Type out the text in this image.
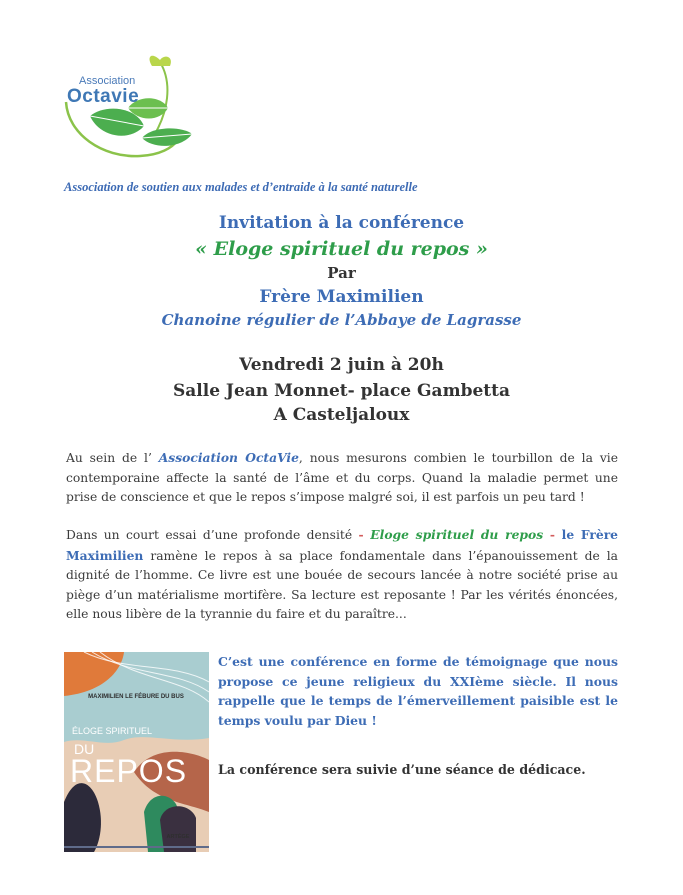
Association
Octavie
Association de soutien aux malades et d’entraide à la santé naturelle
Invitation à la conférence
« Eloge spirituel du repos »
Par
Frère Maximilien
Chanoine régulier de l’Abbaye de Lagrasse
Vendredi 2 juin à 20h
Salle Jean Monnet- place Gambetta
A Casteljaloux
Au sein de l’ Association OctaVie, nous mesurons combien le tourbillon de la vie contemporaine affecte la santé de l’âme et du corps. Quand la maladie permet une prise de conscience et que le repos s’impose malgré soi, il est parfois un peu tard !
Dans un court essai d’une profonde densité - Eloge spirituel du repos - le Frère Maximilien ramène le repos à sa place fondamentale dans l’épanouissement de la dignité de l’homme. Ce livre est une bouée de secours lancée à notre société prise au piège d’un matérialisme mortifère. Sa lecture est reposante ! Par les vérités énoncées, elle nous libère de la tyrannie du faire et du paraître...
MAXIMILIEN LE FÉBURE DU BUS
ÉLOGE SPIRITUEL
DU
REPOS
ARTÈGE
C’est une conférence en forme de témoignage que nous propose ce jeune religieux du XXIème siècle. Il nous rappelle que le temps de l’émerveillement paisible est le temps voulu par Dieu !
La conférence sera suivie d’une séance de dédicace.
